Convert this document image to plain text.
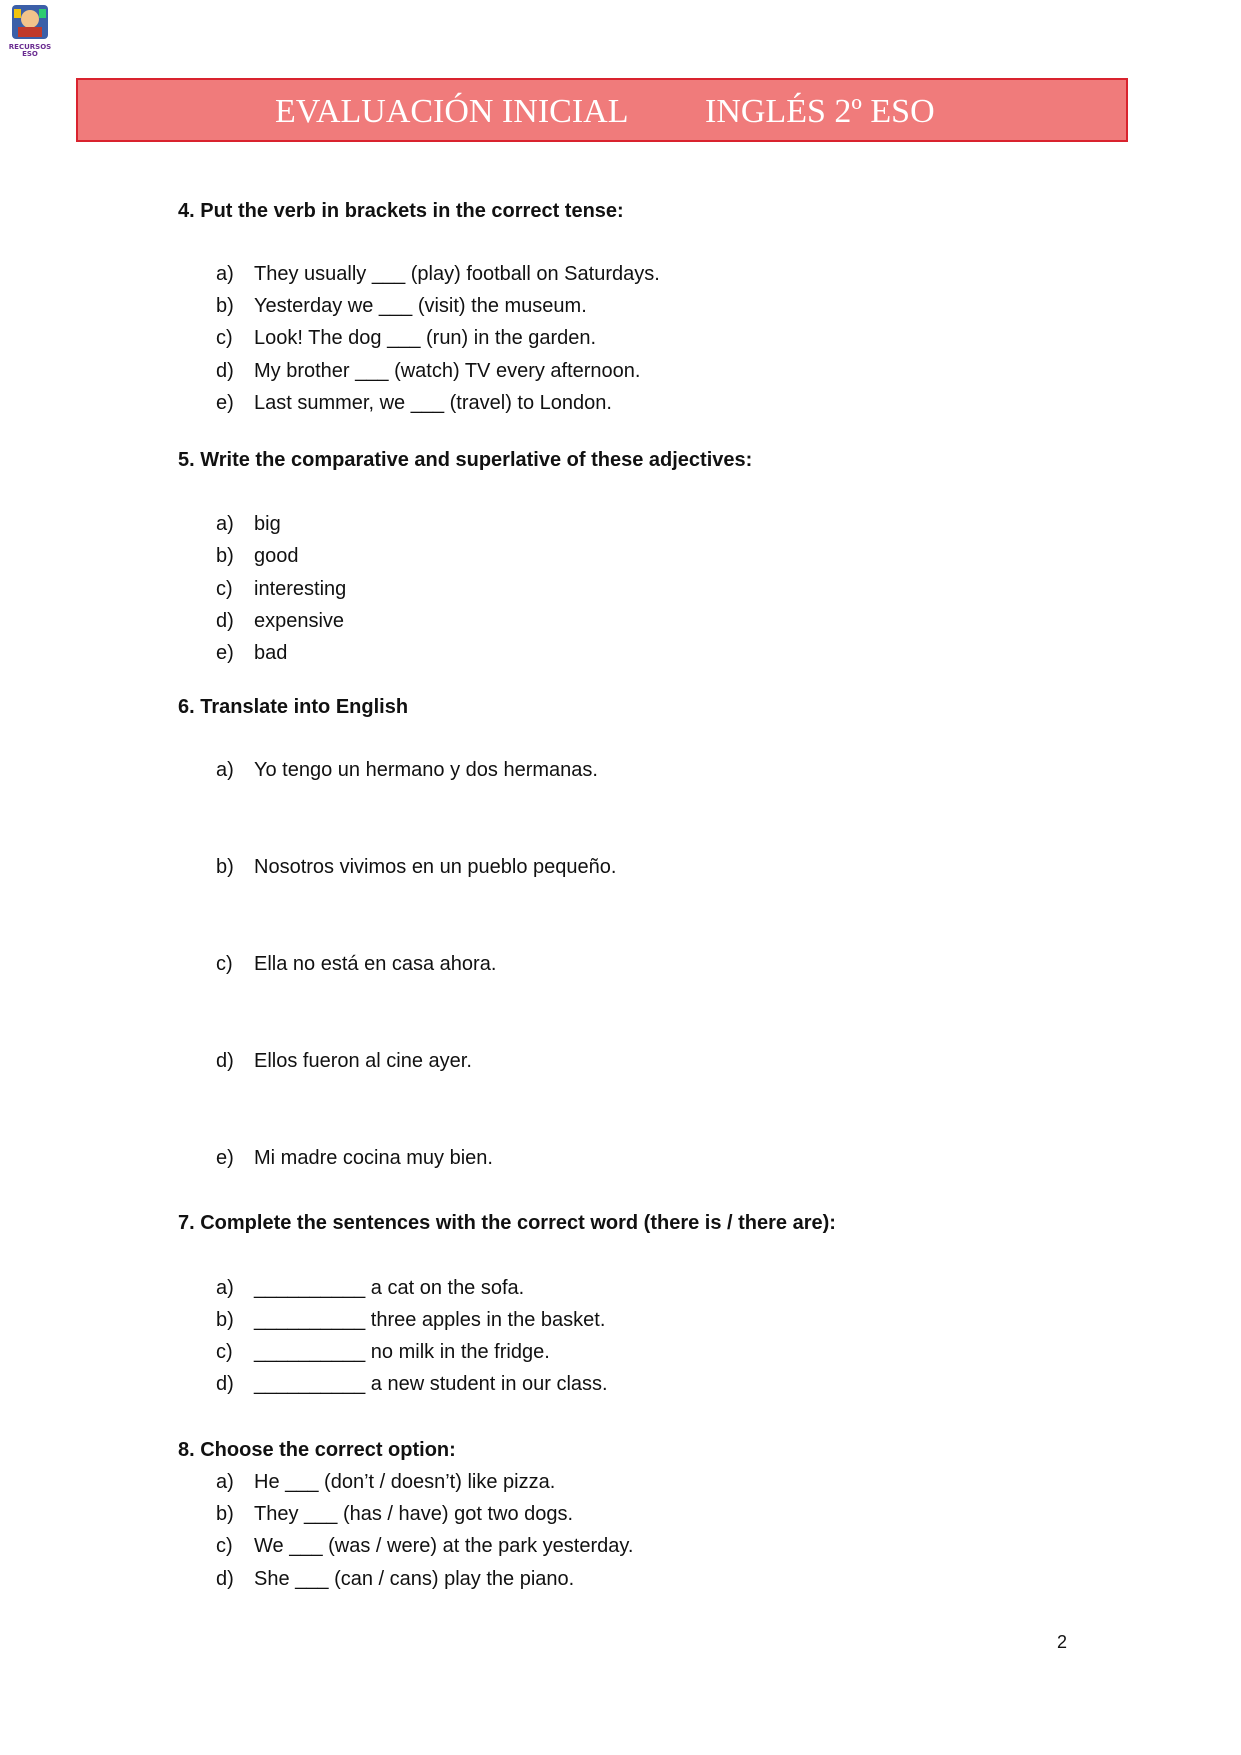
RECURSOS
ESO
EVALUACIÓN INICIAL INGLÉS 2º ESO

4. Put the verb in brackets in the correct tense:

a) They usually ___ (play) football on Saturdays.
b) Yesterday we ___ (visit) the museum.
c) Look! The dog ___ (run) in the garden.
d) My brother ___ (watch) TV every afternoon.
e) Last summer, we ___ (travel) to London.

5. Write the comparative and superlative of these adjectives:

a) big
b) good
c) interesting
d) expensive
e) bad

6. Translate into English

a) Yo tengo un hermano y dos hermanas.
b) Nosotros vivimos en un pueblo pequeño.
c) Ella no está en casa ahora.
d) Ellos fueron al cine ayer.
e) Mi madre cocina muy bien.

7. Complete the sentences with the correct word (there is / there are):

a) __________ a cat on the sofa.
b) __________ three apples in the basket.
c) __________ no milk in the fridge.
d) __________ a new student in our class.

8. Choose the correct option:

a) He ___ (don’t / doesn’t) like pizza.
b) They ___ (has / have) got two dogs.
c) We ___ (was / were) at the park yesterday.
d) She ___ (can / cans) play the piano.
2
